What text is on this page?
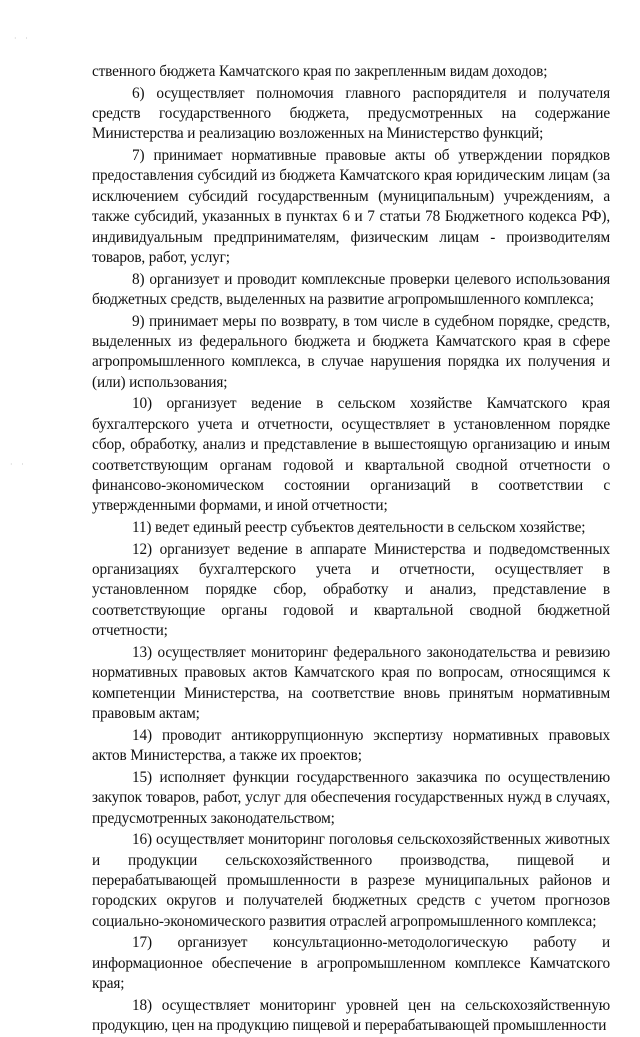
· ·
· ·

ственного бюджета Камчатского края по закрепленным видам доходов;

6) осуществляет полномочия главного распорядителя и получателя средств государственного бюджета, предусмотренных на содержание Министерства и реализацию возложенных на Министерство функций;

7) принимает нормативные правовые акты об утверждении порядков предоставления субсидий из бюджета Камчатского края юридическим лицам (за исключением субсидий государственным (муниципальным) учреждениям, а также субсидий, указанных в пунктах 6 и 7 статьи 78 Бюджетного кодекса РФ), индивидуальным предпринимателям, физическим лицам - производителям товаров, работ, услуг;

8) организует и проводит комплексные проверки целевого использования бюджетных средств, выделенных на развитие агропромышленного комплекса;

9) принимает меры по возврату, в том числе в судебном порядке, средств, выделенных из федерального бюджета и бюджета Камчатского края в сфере агропромышленного комплекса, в случае нарушения порядка их получения и (или) использования;

10) организует ведение в сельском хозяйстве Камчатского края бухгалтерского учета и отчетности, осуществляет в установленном порядке сбор, обработку, анализ и представление в вышестоящую организацию и иным соответствующим органам годовой и квартальной сводной отчетности о финансово-экономическом состоянии организаций в соответствии с утвержденными формами, и иной отчетности;

11) ведет единый реестр субъектов деятельности в сельском хозяйстве;

12) организует ведение в аппарате Министерства и подведомственных организациях бухгалтерского учета и отчетности, осуществляет в установленном порядке сбор, обработку и анализ, представление в соответствующие органы годовой и квартальной сводной бюджетной отчетности;

13) осуществляет мониторинг федерального законодательства и ревизию нормативных правовых актов Камчатского края по вопросам, относящимся к компетенции Министерства, на соответствие вновь принятым нормативным правовым актам;

14) проводит антикоррупционную экспертизу нормативных правовых актов Министерства, а также их проектов;

15) исполняет функции государственного заказчика по осуществлению закупок товаров, работ, услуг для обеспечения государственных нужд в случаях, предусмотренных законодательством;

16) осуществляет мониторинг поголовья сельскохозяйственных животных и продукции сельскохозяйственного производства, пищевой и перерабатывающей промышленности в разрезе муниципальных районов и городских округов и получателей бюджетных средств с учетом прогнозов социально-экономического развития отраслей агропромышленного комплекса;

17) организует консультационно-методологическую работу и информационное обеспечение в агропромышленном комплексе Камчатского края;

18) осуществляет мониторинг уровней цен на сельскохозяйственную продукцию, цен на продукцию пищевой и перерабатывающей промышленности
